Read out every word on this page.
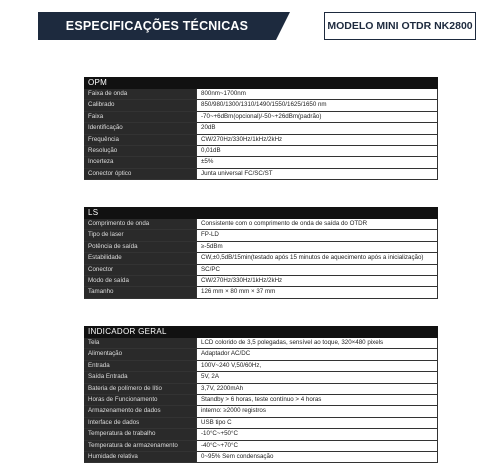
ESPECIFICAÇÕES TÉCNICAS	MODELO MINI OTDR NK2800
OPM
Faixa de onda	800nm~1700nm
Calibrado	850/980/1300/1310/1490/1550/1625/1650 nm
Faixa	-70~+6dBm(opcional)/-50~+26dBm(padrão)
Identificação	20dB
Frequência	CW/270Hz/330Hz/1kHz/2kHz
Resolução	0,01dB
Incerteza	±5%
Conector óptico	Junta universal FC/SC/ST
LS
Comprimento de onda	Consistente com o comprimento de onda de saída do OTDR
Tipo de laser	FP-LD
Potência de saída	≥-5dBm
Estabilidade	CW,±0,5dB/15min(testado após 15 minutos de aquecimento após a inicialização)
Conector	SC/PC
Modo de saída	CW/270Hz/330Hz/1kHz/2kHz
Tamanho	126 mm × 80 mm × 37 mm
INDICADOR GERAL
Tela	LCD colorido de 3,5 polegadas, sensível ao toque, 320×480 pixels
Alimentação	Adaptador AC/DC
Entrada	100V~240 V,50/60Hz,
Saída Entrada	5V, 2A
Bateria de polímero de lítio	3,7V, 2200mAh
Horas de Funcionamento	Standby > 6 horas, teste contínuo > 4 horas
Armazenamento de dados	interno: ≥2000 registros
Interface de dados	USB tipo C
Temperatura de trabalho	-10°C~+50°C
Temperatura de armazenamento	-40°C~+70°C
Humidade relativa	0~95% Sem condensação
